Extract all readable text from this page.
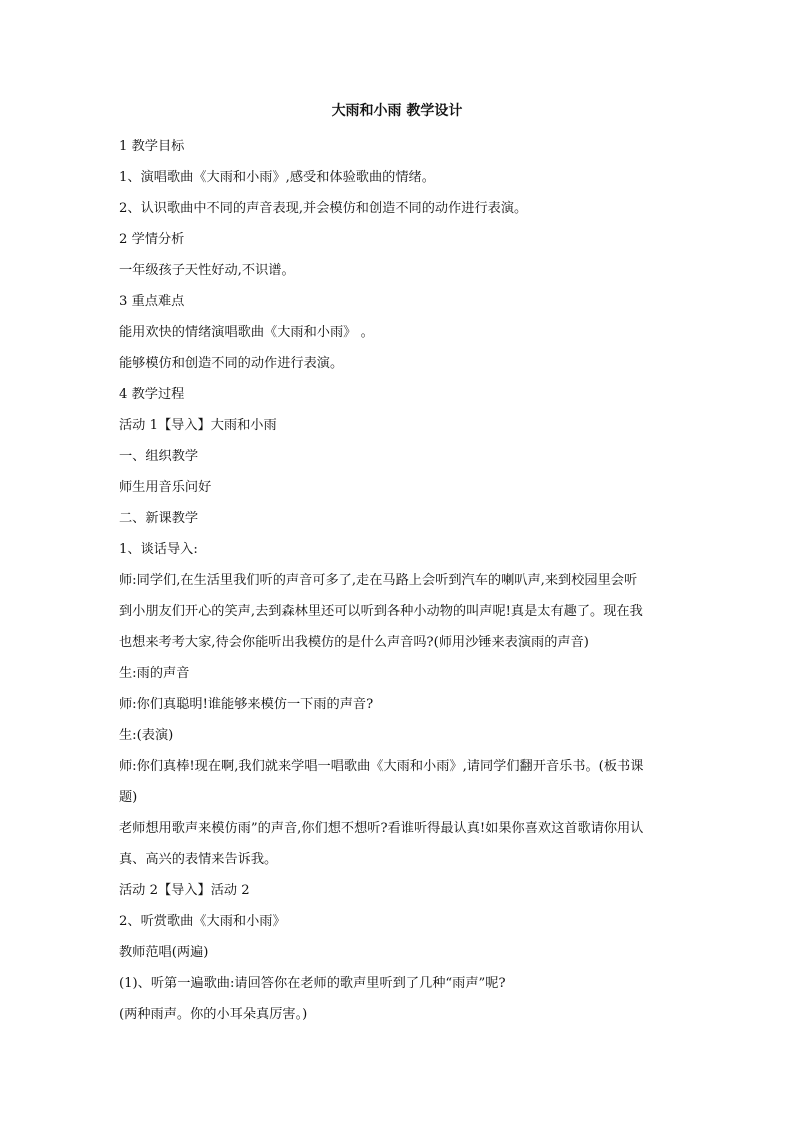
大雨和小雨 教学设计

1 教学目标

1、演唱歌曲《大雨和小雨》,感受和体验歌曲的情绪。

2、认识歌曲中不同的声音表现,并会模仿和创造不同的动作进行表演。

2 学情分析

一年级孩子天性好动,不识谱。

3 重点难点

能用欢快的情绪演唱歌曲《大雨和小雨》 。

能够模仿和创造不同的动作进行表演。

4 教学过程

活动 1【导入】大雨和小雨

一、组织教学

师生用音乐问好

二、新课教学

1、谈话导入:

师:同学们,在生活里我们听的声音可多了,走在马路上会听到汽车的喇叭声,来到校园里会听

到小朋友们开心的笑声,去到森林里还可以听到各种小动物的叫声呢!真是太有趣了。现在我

也想来考考大家,待会你能听出我模仿的是什么声音吗?(师用沙锤来表演雨的声音)

生:雨的声音

师:你们真聪明!谁能够来模仿一下雨的声音?

生:(表演)

师:你们真棒!现在啊,我们就来学唱一唱歌曲《大雨和小雨》,请同学们翻开音乐书。(板书课

题)

老师想用歌声来模仿雨”的声音,你们想不想听?看谁听得最认真!如果你喜欢这首歌请你用认

真、高兴的表情来告诉我。

活动 2【导入】活动 2

2、听赏歌曲《大雨和小雨》

教师范唱(两遍)

(1)、听第一遍歌曲:请回答你在老师的歌声里听到了几种“雨声”呢?

(两种雨声。你的小耳朵真厉害。)
